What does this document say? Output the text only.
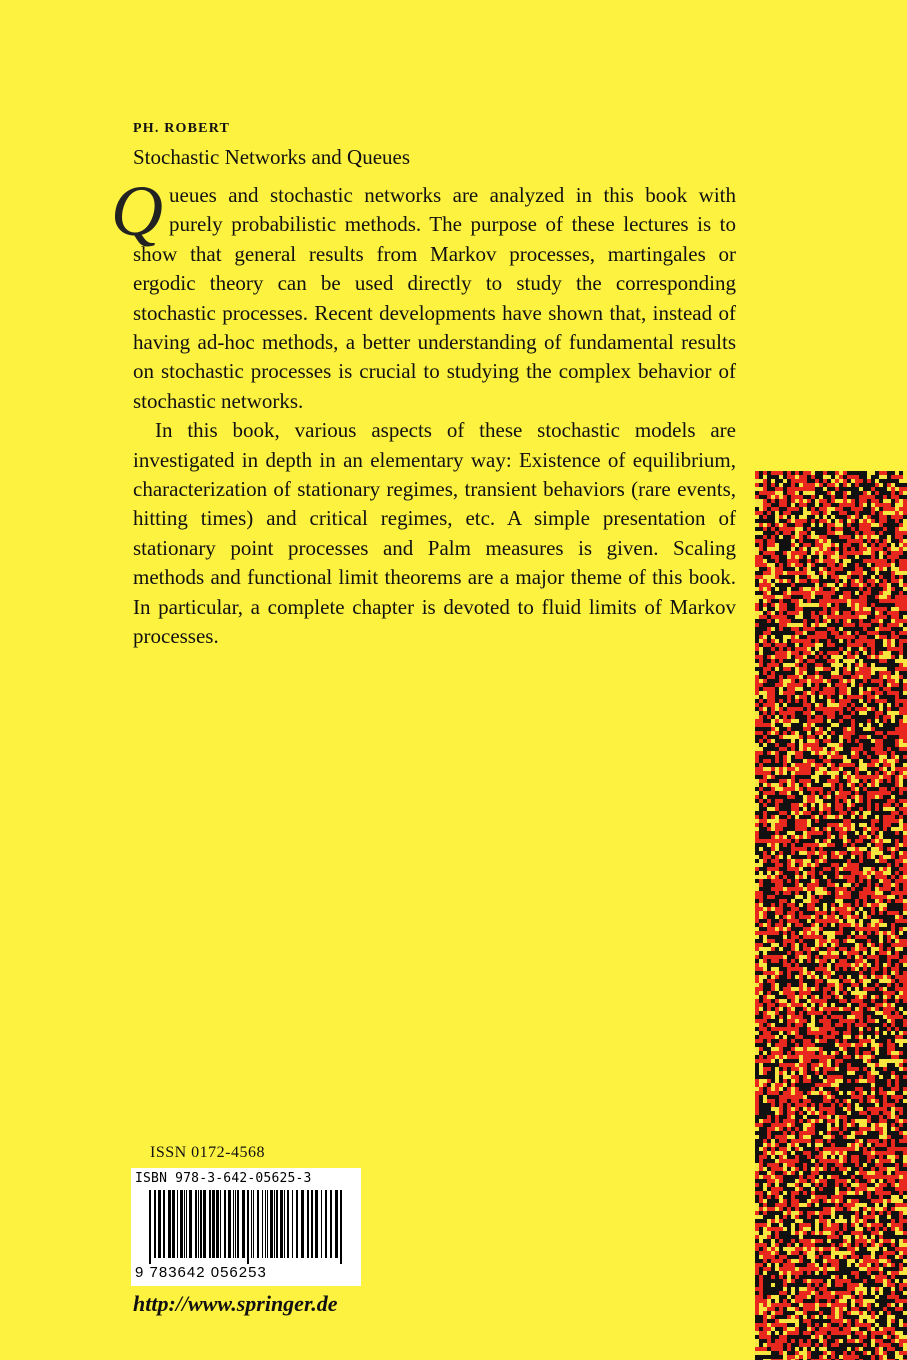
PH. ROBERT
Stochastic Networks and Queues

Queues and stochastic networks are analyzed in this book with purely probabilistic methods. The purpose of these lectures is to show that general results from Markov processes, martingales or ergodic theory can be used directly to study the corresponding stochastic processes. Recent developments have shown that, instead of having ad-hoc methods, a better understanding of fundamental results on stochastic processes is crucial to studying the complex behavior of stochastic networks.

In this book, various aspects of these stochastic models are investigated in depth in an elementary way: Existence of equilibrium, characterization of stationary regimes, transient behaviors (rare events, hitting times) and critical regimes, etc. A simple presentation of stationary point processes and Palm measures is given. Scaling methods and functional limit theorems are a major theme of this book. In particular, a complete chapter is devoted to fluid limits of Markov processes.

ISSN 0172-4568
ISBN 978-3-642-05625-3
9 783642 056253
http://www.springer.de
